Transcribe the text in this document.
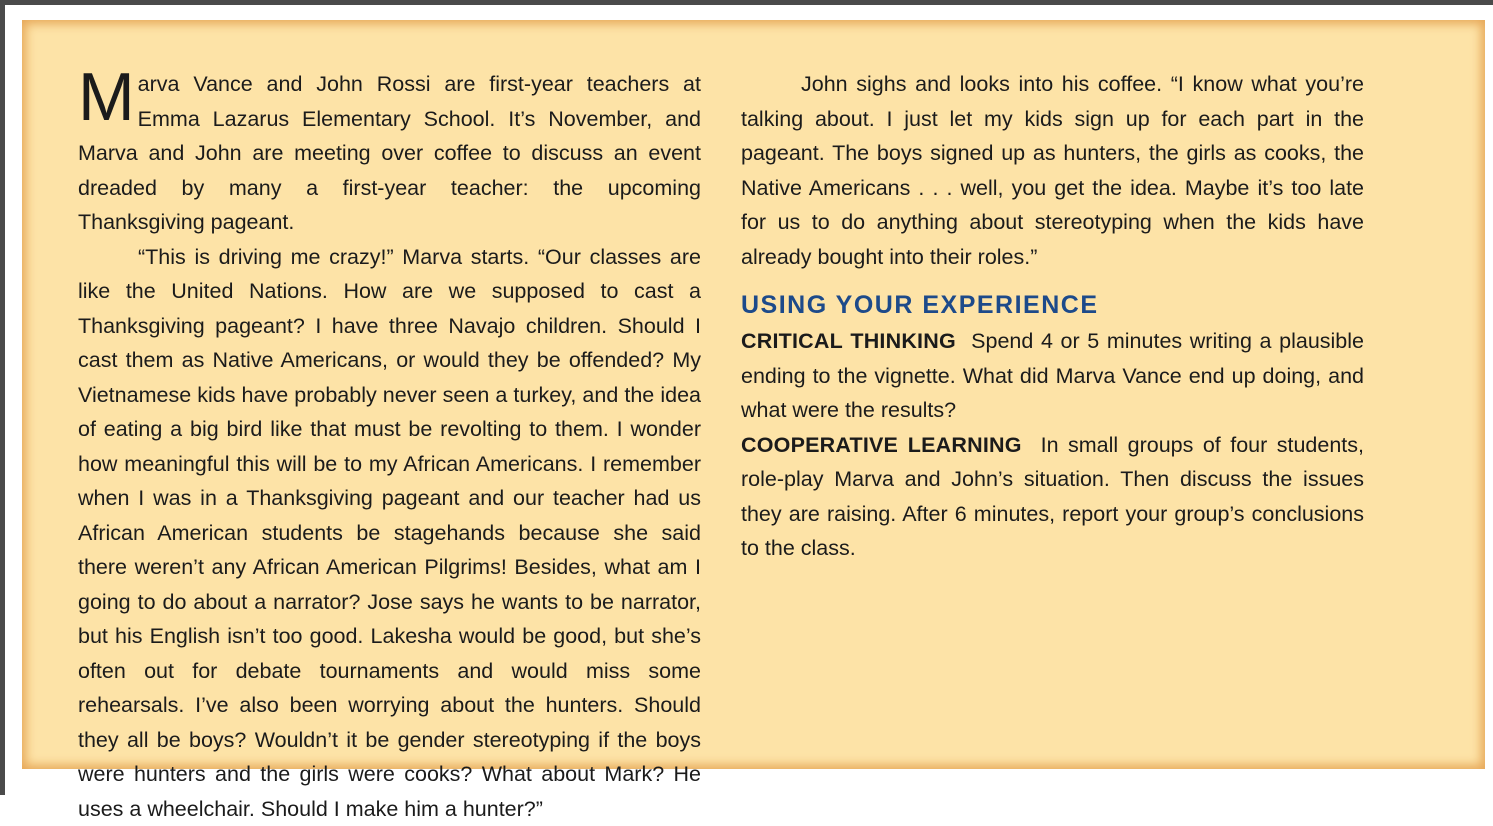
Marva Vance and John Rossi are first-year teachers at Emma Lazarus Elementary School. It’s November, and Marva and John are meeting over coffee to discuss an event dreaded by many a first-year teacher: the upcoming Thanksgiving pageant.

“This is driving me crazy!” Marva starts. “Our classes are like the United Nations. How are we supposed to cast a Thanksgiving pageant? I have three Navajo children. Should I cast them as Native Americans, or would they be offended? My Vietnamese kids have probably never seen a turkey, and the idea of eating a big bird like that must be revolting to them. I wonder how meaningful this will be to my African Americans. I remember when I was in a Thanksgiving pageant and our teacher had us African American students be stagehands because she said there weren’t any African American Pilgrims! Besides, what am I going to do about a narrator? Jose says he wants to be narrator, but his English isn’t too good. Lakesha would be good, but she’s often out for debate tournaments and would miss some rehearsals. I’ve also been worrying about the hunters. Should they all be boys? Wouldn’t it be gender stereotyping if the boys were hunters and the girls were cooks? What about Mark? He uses a wheelchair. Should I make him a hunter?”

John sighs and looks into his coffee. “I know what you’re talking about. I just let my kids sign up for each part in the pageant. The boys signed up as hunters, the girls as cooks, the Native Americans . . . well, you get the idea. Maybe it’s too late for us to do anything about stereotyping when the kids have already bought into their roles.”

USING YOUR EXPERIENCE

CRITICAL THINKING Spend 4 or 5 minutes writing a plausible ending to the vignette. What did Marva Vance end up doing, and what were the results?

COOPERATIVE LEARNING In small groups of four students, role-play Marva and John’s situation. Then discuss the issues they are raising. After 6 minutes, report your group’s conclusions to the class.
